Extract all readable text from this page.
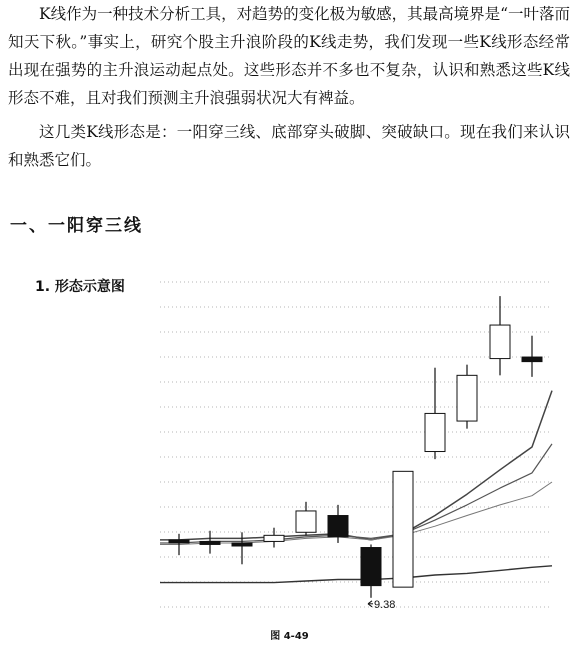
K线作为一种技术分析工具，对趋势的变化极为敏感，其最高境界是“一叶落而知天下秋。”事实上，研究个股主升浪阶段的K线走势，我们发现一些K线形态经常出现在强势的主升浪运动起点处。这些形态并不多也不复杂，认识和熟悉这些K线形态不难，且对我们预测主升浪强弱状况大有裨益。

这几类K线形态是：一阳穿三线、底部穿头破脚、突破缺口。现在我们来认识和熟悉它们。

一、一阳穿三线
1. 形态示意图
9.38
图 4-49
